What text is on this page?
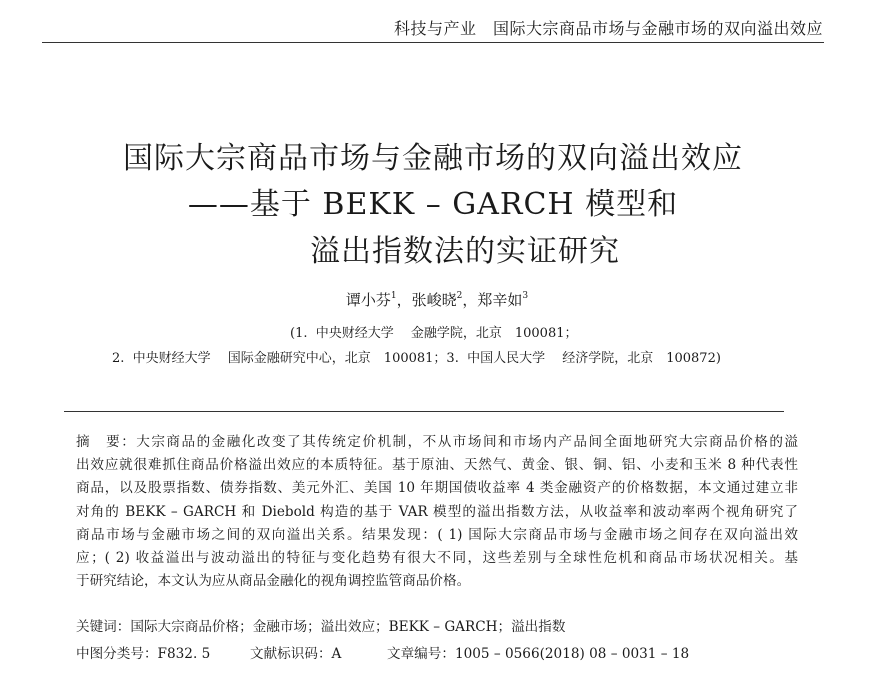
科技与产业　国际大宗商品市场与金融市场的双向溢出效应
国际大宗商品市场与金融市场的双向溢出效应
——基于 BEKK – GARCH 模型和
溢出指数法的实证研究
谭小芬$^1$，张峻晓$^2$，郑辛如$^3$
(1.  中央财经大学　 金融学院，北京　100081；
2.  中央财经大学　 国际金融研究中心，北京　100081；3.  中国人民大学　 经济学院，北京　100872)
摘　要：大宗商品的金融化改变了其传统定价机制，不从市场间和市场内产品间全面地研究大宗商品价格的溢
出效应就很难抓住商品价格溢出效应的本质特征。基于原油、天然气、黄金、银、铜、铝、小麦和玉米 8 种代表性
商品，以及股票指数、债券指数、美元外汇、美国 10 年期国债收益率 4 类金融资产的价格数据，本文通过建立非
对角的 BEKK – GARCH 和 Diebold 构造的基于 VAR 模型的溢出指数方法，从收益率和波动率两个视角研究了
商品市场与金融市场之间的双向溢出关系。结果发现：( 1) 国际大宗商品市场与金融市场之间存在双向溢出效
应；( 2) 收益溢出与波动溢出的特征与变化趋势有很大不同，这些差别与全球性危机和商品市场状况相关。基
于研究结论，本文认为应从商品金融化的视角调控监管商品价格。
关键词：国际大宗商品价格；金融市场；溢出效应；BEKK – GARCH；溢出指数
中图分类号：F832. 5	文献标识码：A	文章编号：1005 – 0566(2018) 08 – 0031 – 18
